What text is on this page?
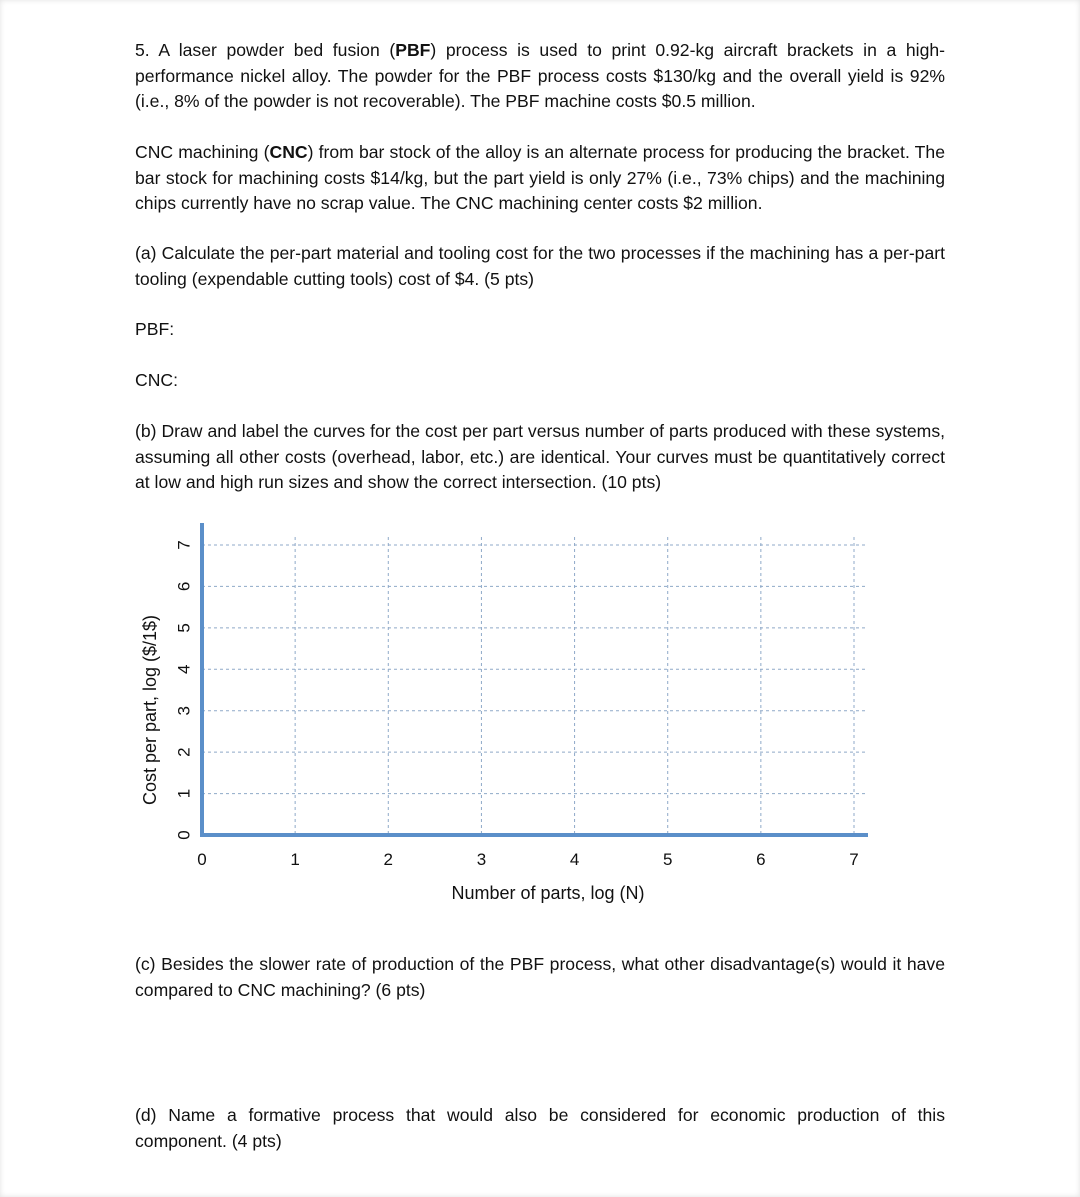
5. A laser powder bed fusion (PBF) process is used to print 0.92-kg aircraft brackets in a high-performance nickel alloy. The powder for the PBF process costs $130/kg and the overall yield is 92% (i.e., 8% of the powder is not recoverable). The PBF machine costs $0.5 million.

CNC machining (CNC) from bar stock of the alloy is an alternate process for producing the bracket. The bar stock for machining costs $14/kg, but the part yield is only 27% (i.e., 73% chips) and the machining chips currently have no scrap value. The CNC machining center costs $2 million.

(a) Calculate the per-part material and tooling cost for the two processes if the machining has a per-part tooling (expendable cutting tools) cost of $4. (5 pts)

PBF:

CNC:

(b) Draw and label the curves for the cost per part versus number of parts produced with these systems, assuming all other costs (overhead, labor, etc.) are identical. Your curves must be quantitatively correct at low and high run sizes and show the correct intersection. (10 pts)

0
1
2
3
4
5
6
7
0	1	2	3	4	5	6	7
Number of parts, log (N)
Cost per part, log ($/1$)

(c) Besides the slower rate of production of the PBF process, what other disadvantage(s) would it have compared to CNC machining? (6 pts)

(d) Name a formative process that would also be considered for economic production of this component. (4 pts)
